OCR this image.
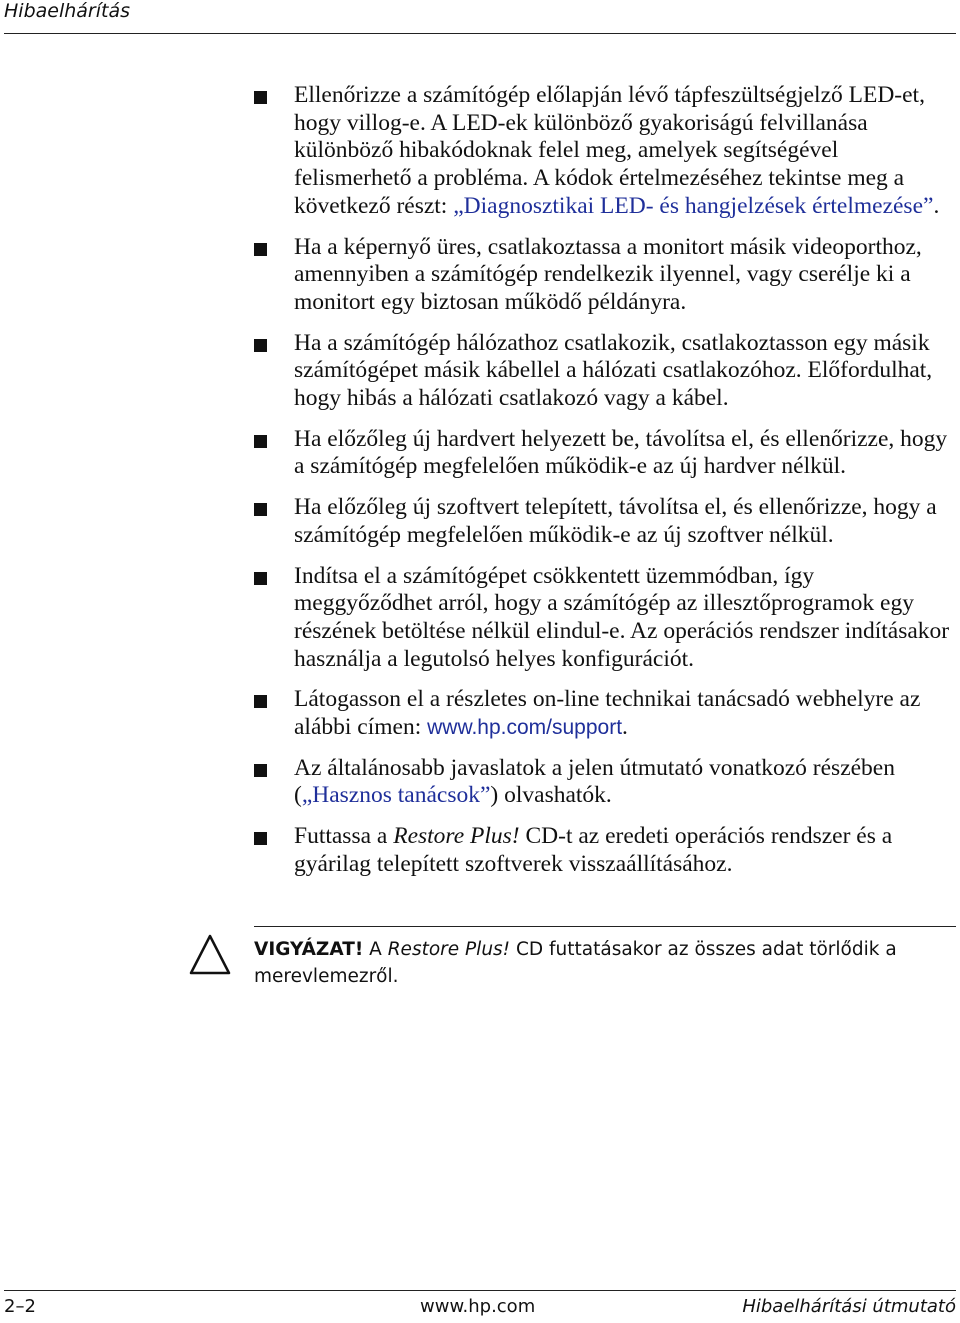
Hibaelhárítás
Ellenőrizze a számítógép előlapján lévő tápfeszültségjelző LED-et, hogy villog-e. A LED-ek különböző gyakoriságú felvillanása különböző hibakódoknak felel meg, amelyek segítségével felismerhető a probléma. A kódok értelmezéséhez tekintse meg a következő részt: „Diagnosztikai LED- és hangjelzések értelmezése”.
Ha a képernyő üres, csatlakoztassa a monitort másik videoporthoz, amennyiben a számítógép rendelkezik ilyennel, vagy cserélje ki a monitort egy biztosan működő példányra.
Ha a számítógép hálózathoz csatlakozik, csatlakoztasson egy másik számítógépet másik kábellel a hálózati csatlakozóhoz. Előfordulhat, hogy hibás a hálózati csatlakozó vagy a kábel.
Ha előzőleg új hardvert helyezett be, távolítsa el, és ellenőrizze, hogy a számítógép megfelelően működik-e az új hardver nélkül.
Ha előzőleg új szoftvert telepített, távolítsa el, és ellenőrizze, hogy a számítógép megfelelően működik-e az új szoftver nélkül.
Indítsa el a számítógépet csökkentett üzemmódban, így meggyőződhet arról, hogy a számítógép az illesztőprogramok egy részének betöltése nélkül elindul-e. Az operációs rendszer indításakor használja a legutolsó helyes konfigurációt.
Látogasson el a részletes on-line technikai tanácsadó webhelyre az alábbi címen: www.hp.com/support.
Az általánosabb javaslatok a jelen útmutató vonatkozó részében („Hasznos tanácsok”) olvashatók.
Futtassa a Restore Plus! CD-t az eredeti operációs rendszer és a gyárilag telepített szoftverek visszaállításához.
VIGYÁZAT! A Restore Plus! CD futtatásakor az összes adat törlődik a merevlemezről.
2–2	www.hp.com	Hibaelhárítási útmutató
